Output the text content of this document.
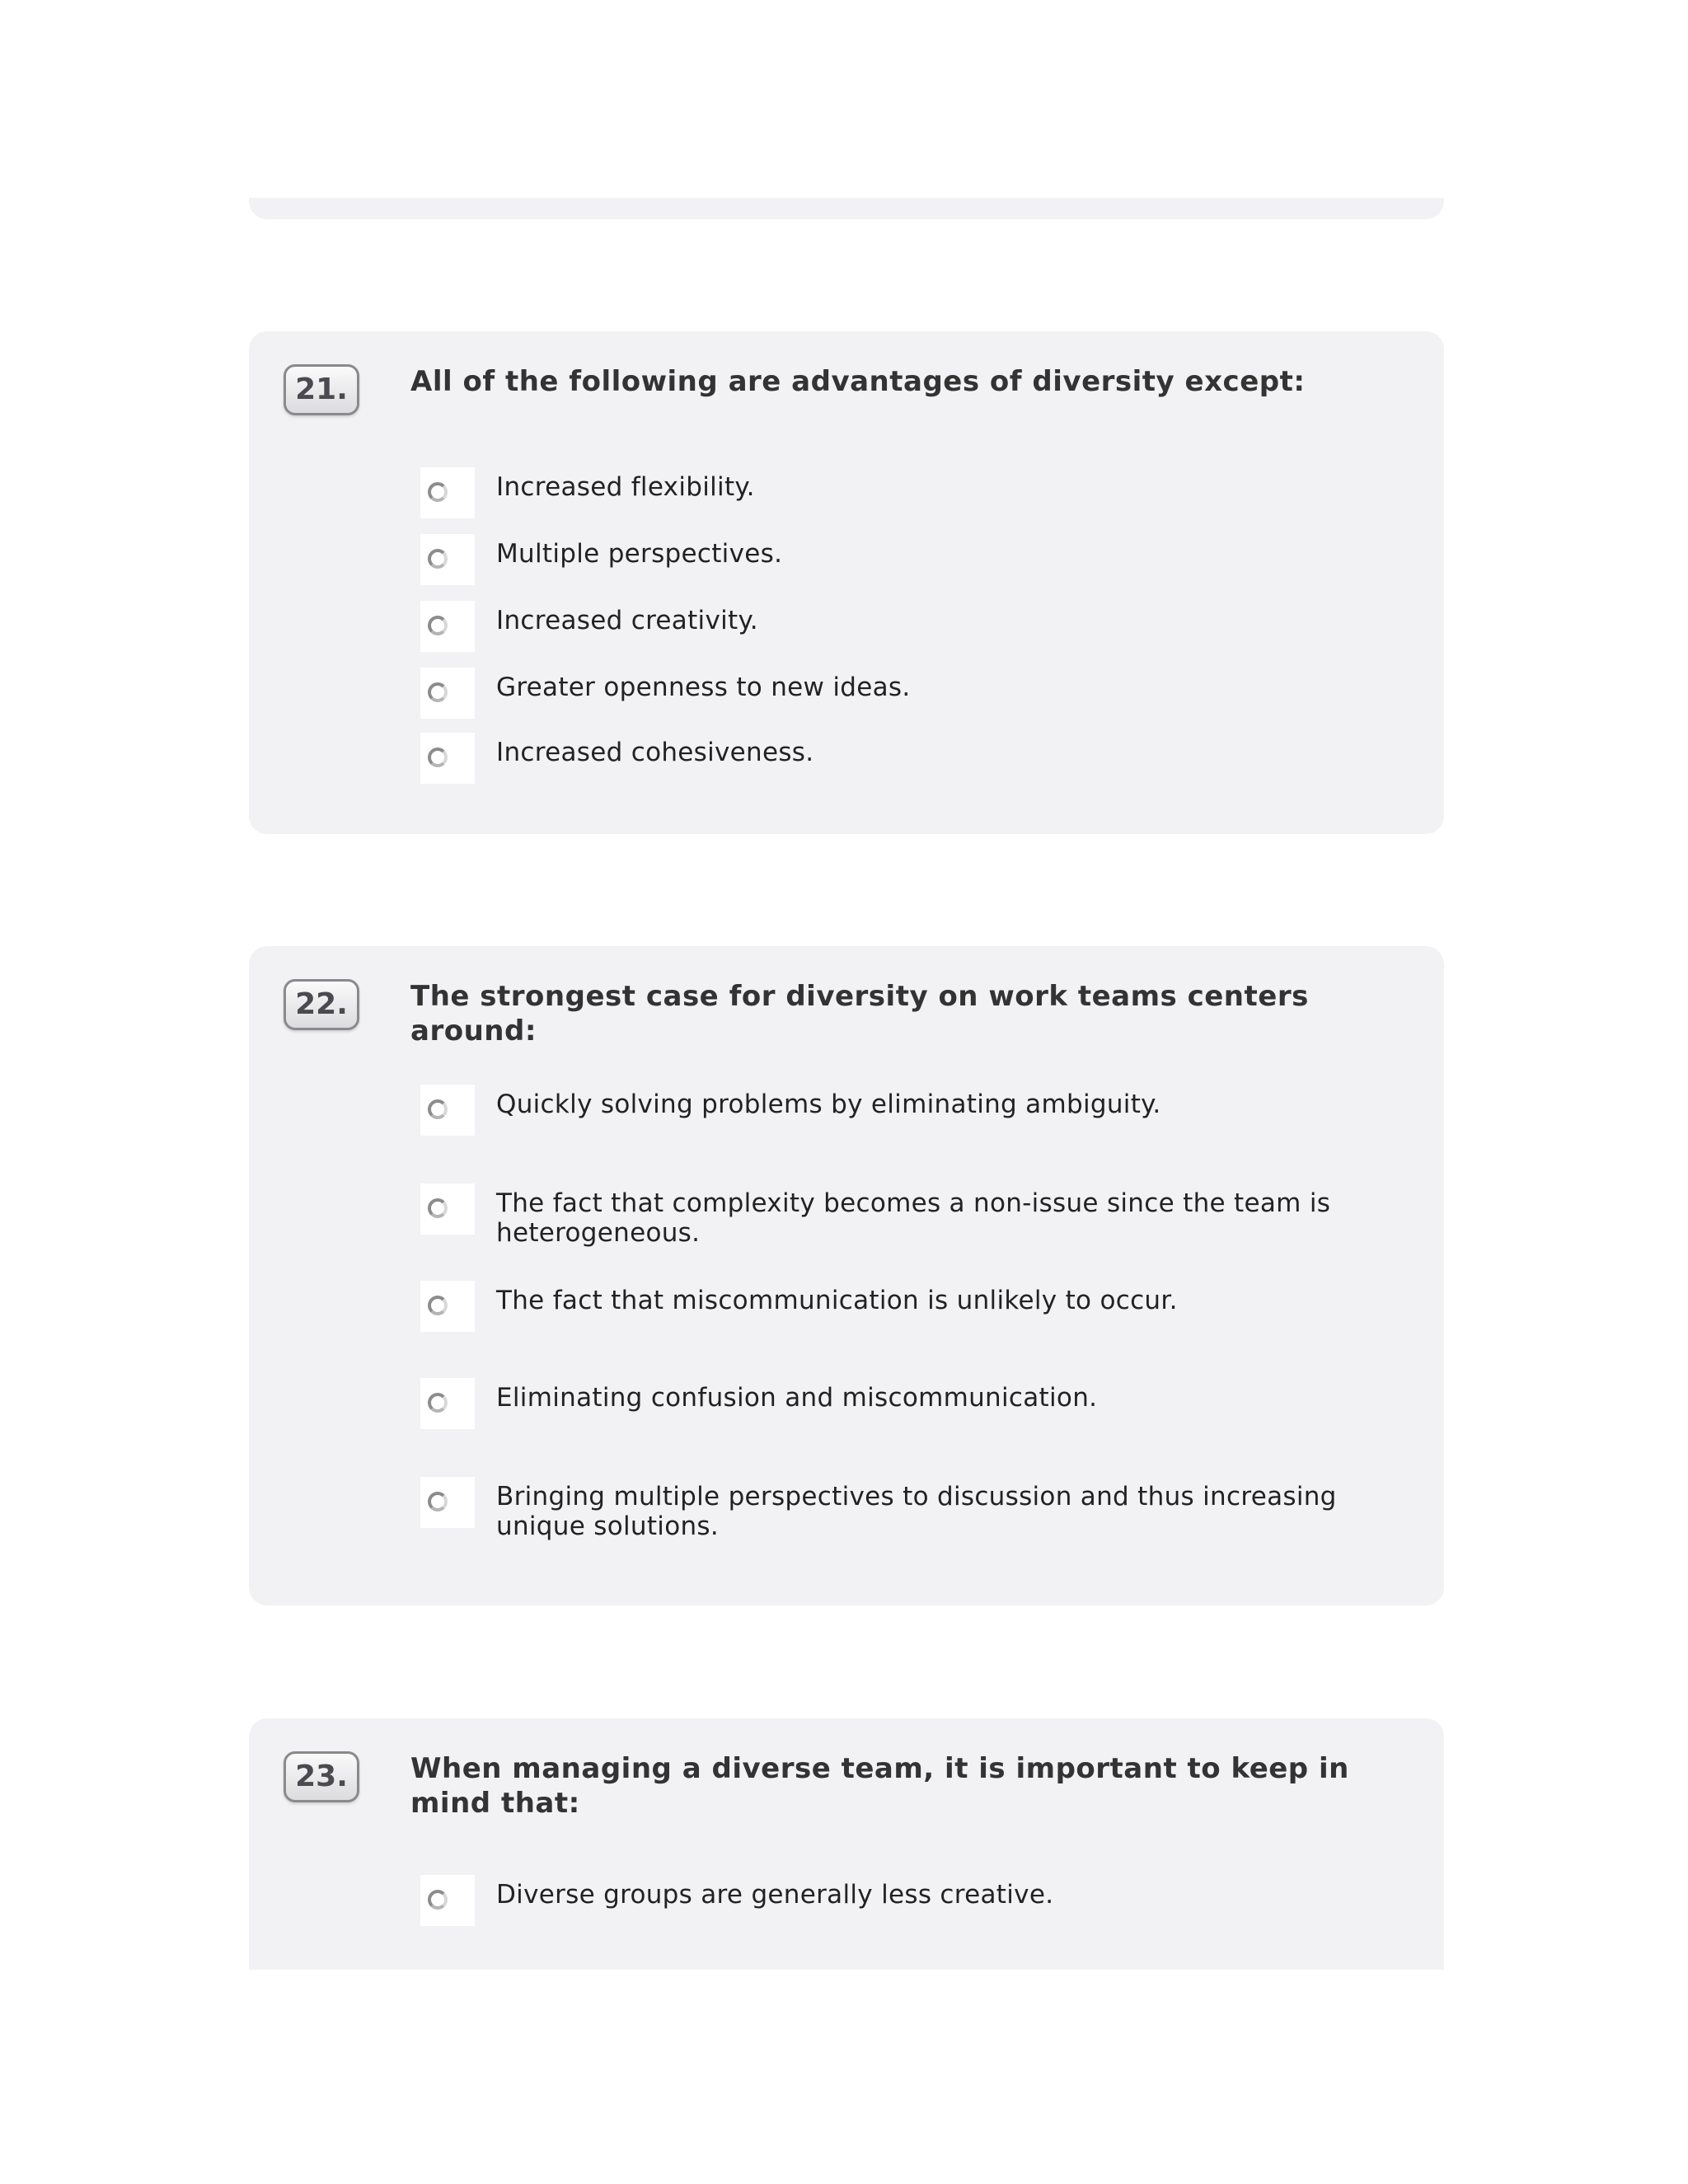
21.	All of the following are advantages of diversity except:
Increased flexibility.
Multiple perspectives.
Increased creativity.
Greater openness to new ideas.
Increased cohesiveness.
22.	The strongest case for diversity on work teams centers around:
Quickly solving problems by eliminating ambiguity.
The fact that complexity becomes a non-issue since the team is heterogeneous.
The fact that miscommunication is unlikely to occur.
Eliminating confusion and miscommunication.
Bringing multiple perspectives to discussion and thus increasing unique solutions.
23.	When managing a diverse team, it is important to keep in mind that:
Diverse groups are generally less creative.
